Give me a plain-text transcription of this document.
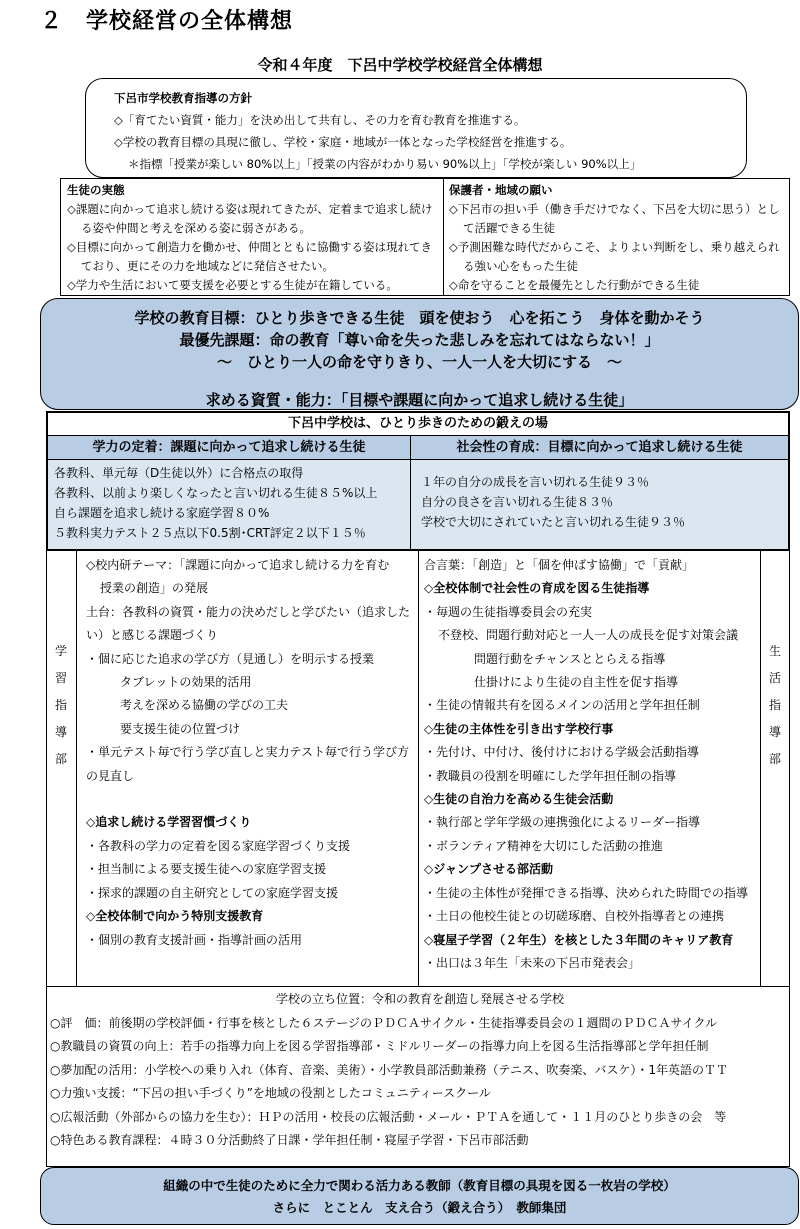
２　学校経営の全体構想
令和４年度　下呂中学校学校経営全体構想
下呂市学校教育指導の方針
◇「育てたい資質・能力」を決め出して共有し、その力を育む教育を推進する。
◇学校の教育目標の具現に徹し、学校・家庭・地域が一体となった学校経営を推進する。
＊指標「授業が楽しい 80%以上」「授業の内容がわかり易い 90%以上」「学校が楽しい 90%以上」
生徒の実態
◇課題に向かって追求し続ける姿は現れてきたが、定着まで追求し続ける姿や仲間と考えを深める姿に弱さがある。
◇目標に向かって創造力を働かせ、仲間とともに協働する姿は現れてきており、更にその力を地域などに発信させたい。
◇学力や生活において要支援を必要とする生徒が在籍している。
保護者・地域の願い
◇下呂市の担い手（働き手だけでなく、下呂を大切に思う）として活躍できる生徒
◇予測困難な時代だからこそ、よりよい判断をし、乗り越えられる強い心をもった生徒
◇命を守ることを最優先とした行動ができる生徒
学校の教育目標：ひとり歩きできる生徒　頭を使おう　心を拓こう　身体を動かそう
最優先課題：命の教育「尊い命を失った悲しみを忘れてはならない！」
～　ひとり一人の命を守りきり、一人一人を大切にする　～
求める資質・能力：「目標や課題に向かって追求し続ける生徒」
下呂中学校は、ひとり歩きのための鍛えの場
学力の定着：課題に向かって追求し続ける生徒	社会性の育成：目標に向かって追求し続ける生徒
各教科、単元毎（D生徒以外）に合格点の取得
各教科、以前より楽しくなったと言い切れる生徒８５%以上
自ら課題を追求し続ける家庭学習８０%
５教科実力テスト２５点以下0.5割･CRT評定２以下１５％
１年の自分の成長を言い切れる生徒９３％
自分の良さを言い切れる生徒８３％
学校で大切にされていたと言い切れる生徒９３％
学
習
指
導
部
生
活
指
導
部
◇校内研テーマ：「課題に向かって追求し続ける力を育む
授業の創造」の発展
土台：各教科の資質・能力の決めだしと学びたい（追求したい）と感じる課題づくり
・個に応じた追求の学び方（見通し）を明示する授業
タブレットの効果的活用
考えを深める協働の学びの工夫
要支援生徒の位置づけ
・単元テスト毎で行う学び直しと実力テスト毎で行う学び方の見直し

◇追求し続ける学習習慣づくり
・各教科の学力の定着を図る家庭学習づくり支援
・担当制による要支援生徒への家庭学習支援
・探求的課題の自主研究としての家庭学習支援
◇全校体制で向かう特別支援教育
・個別の教育支援計画・指導計画の活用
合言葉：「創造」と「個を伸ばす協働」で「貢献」
◇全校体制で社会性の育成を図る生徒指導
・毎週の生徒指導委員会の充実
不登校、問題行動対応と一人一人の成長を促す対策会議
問題行動をチャンスととらえる指導
仕掛けにより生徒の自主性を促す指導
・生徒の情報共有を図るメインの活用と学年担任制
◇生徒の主体性を引き出す学校行事
・先付け、中付け、後付けにおける学級会活動指導
・教職員の役割を明確にした学年担任制の指導
◇生徒の自治力を高める生徒会活動
・執行部と学年学級の連携強化によるリーダー指導
・ボランティア精神を大切にした活動の推進
◇ジャンプさせる部活動
・生徒の主体性が発揮できる指導、決められた時間での指導
・土日の他校生徒との切磋琢磨、自校外指導者との連携
◇寝屋子学習（２年生）を核とした３年間のキャリア教育
・出口は３年生「未来の下呂市発表会」
学校の立ち位置：令和の教育を創造し発展させる学校
○評　価：前後期の学校評価・行事を核とした６ステージのＰＤＣＡサイクル・生徒指導委員会の１週間のＰＤＣＡサイクル
○教職員の資質の向上：若手の指導力向上を図る学習指導部・ミドルリーダーの指導力向上を図る生活指導部と学年担任制
○夢加配の活用：小学校への乗り入れ（体育、音楽、美術）・小学教員部活動兼務（テニス、吹奏楽、バスケ）・1年英語のＴＴ
○力強い支援：“下呂の担い手づくり”を地域の役割としたコミュニティースクール
○広報活動（外部からの協力を生む）：ＨＰの活用・校長の広報活動・メール・ＰＴＡを通して・１１月のひとり歩きの会　等
○特色ある教育課程：４時３０分活動終了日課・学年担任制・寝屋子学習・下呂市部活動
組織の中で生徒のために全力で関わる活力ある教師（教育目標の具現を図る一枚岩の学校）
さらに　とことん　支え合う（鍛え合う）　教師集団
